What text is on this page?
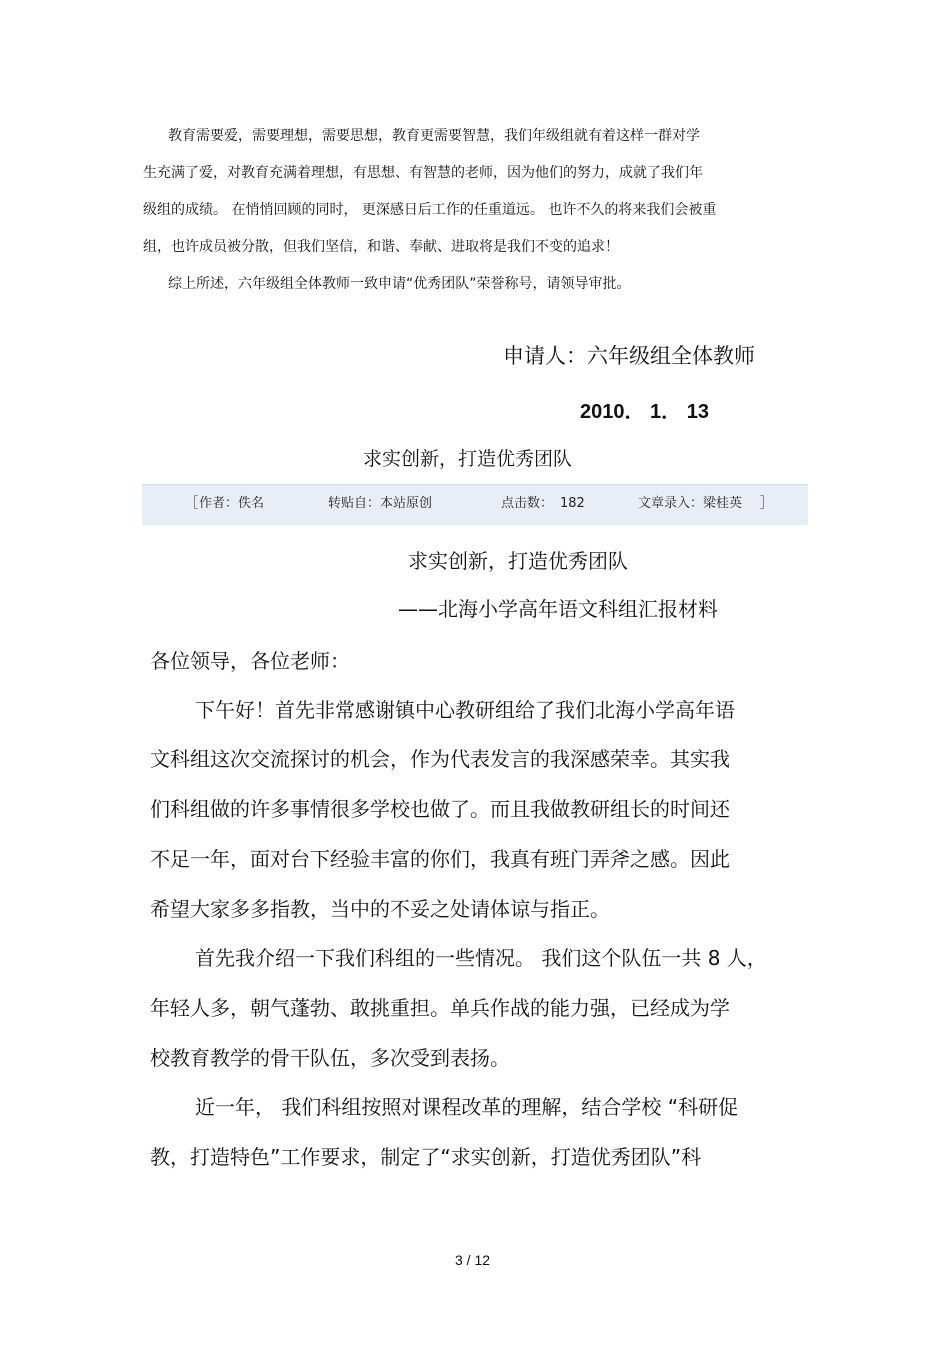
教育需要爱，需要理想，需要思想，教育更需要智慧，我们年级组就有着这样一群对学
生充满了爱，对教育充满着理想，有思想、有智慧的老师，因为他们的努力，成就了我们年
级组的成绩。 在悄悄回顾的同时， 更深感日后工作的任重道远。 也许不久的将来我们会被重
组，也许成员被分散，但我们坚信，和谐、奉献、进取将是我们不变的追求！
综上所述，六年级组全体教师一致申请“优秀团队”荣誉称号，请领导审批。
申请人：六年级组全体教师
2010． 1． 13
求实创新，打造优秀团队
［ 作者：佚名	转贴自：本站原创	点击数： 182	文章录入：梁桂英 ］
求实创新，打造优秀团队
——北海小学高年语文科组汇报材料
各位领导，各位老师：
下午好！首先非常感谢镇中心教研组给了我们北海小学高年语
文科组这次交流探讨的机会，作为代表发言的我深感荣幸。其实我
们科组做的许多事情很多学校也做了。而且我做教研组长的时间还
不足一年，面对台下经验丰富的你们，我真有班门弄斧之感。因此
希望大家多多指教，当中的不妥之处请体谅与指正。
首先我介绍一下我们科组的一些情况。 我们这个队伍一共 8 人，
年轻人多，朝气蓬勃、敢挑重担。单兵作战的能力强，已经成为学
校教育教学的骨干队伍，多次受到表扬。
近一年， 我们科组按照对课程改革的理解，结合学校 “科研促
教，打造特色”工作要求，制定了“求实创新，打造优秀团队”科
3 / 12
